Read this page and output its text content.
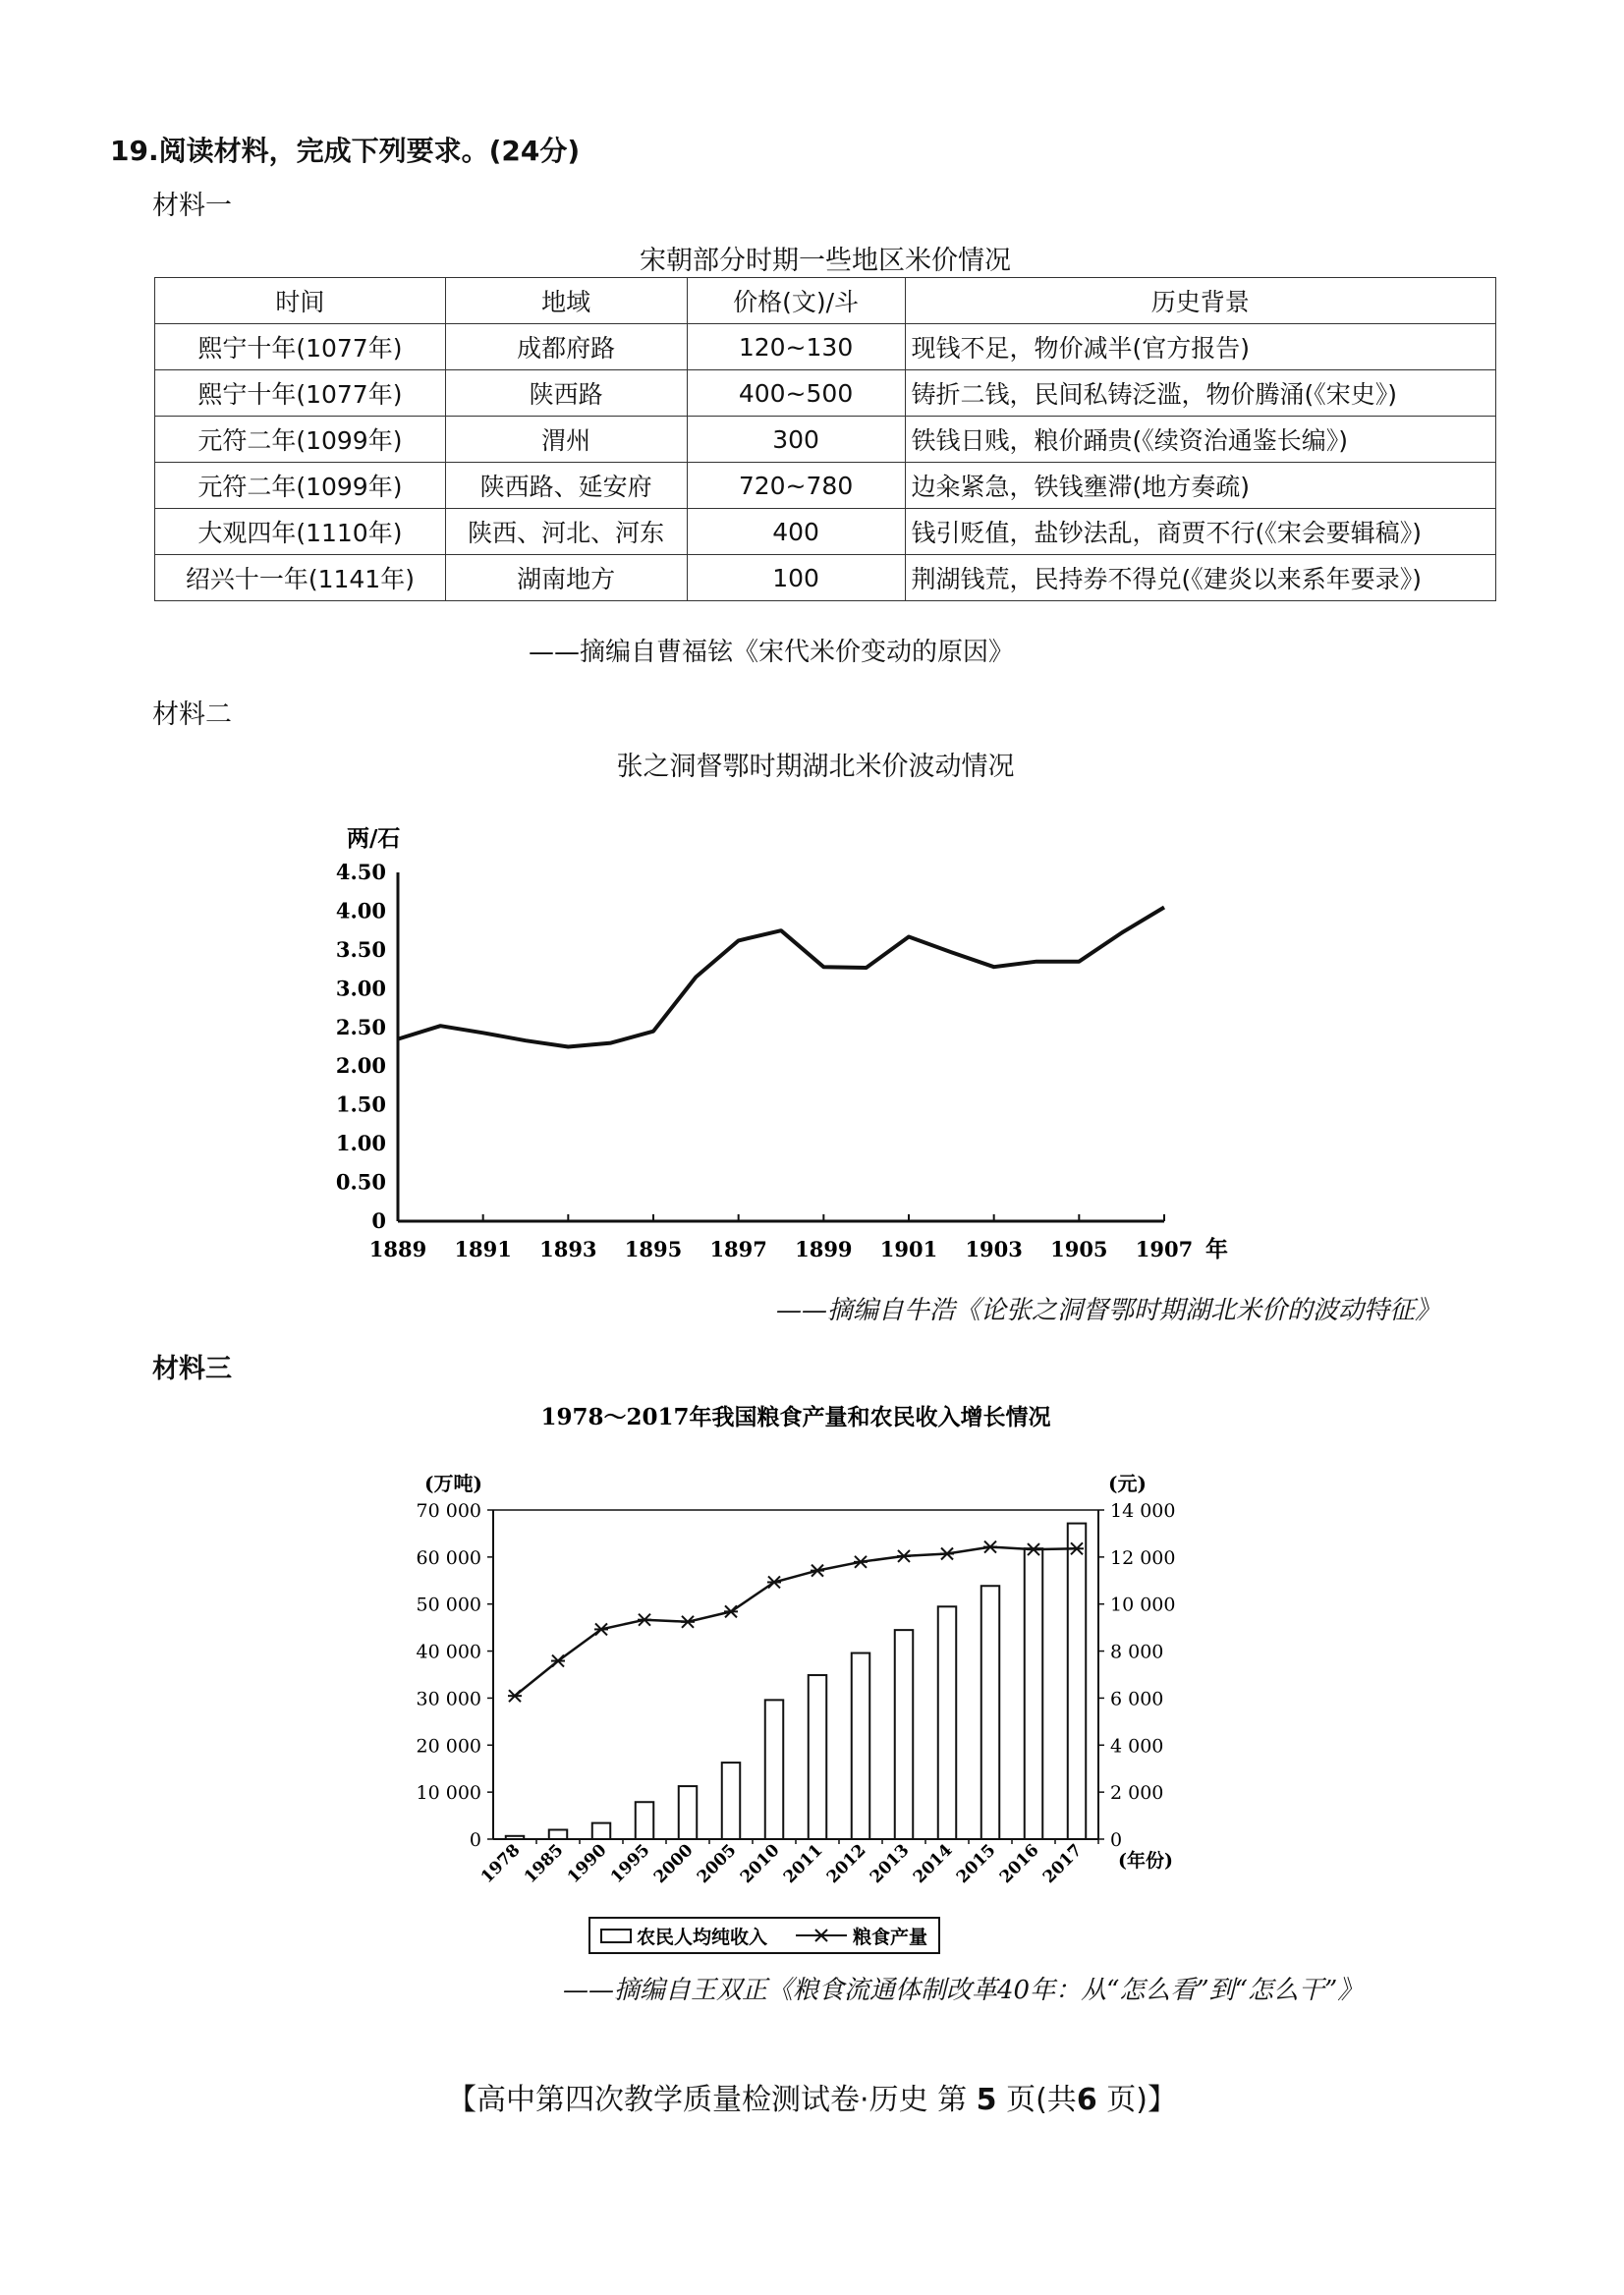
19.阅读材料，完成下列要求。(24分)
材料一
宋朝部分时期一些地区米价情况
时间	地域	价格(文)/斗	历史背景
熙宁十年(1077年)	成都府路	120~130	现钱不足，物价减半(官方报告)
熙宁十年(1077年)	陕西路	400~500	铸折二钱，民间私铸泛滥，物价腾涌(《宋史》)
元符二年(1099年)	渭州	300	铁钱日贱，粮价踊贵(《续资治通鉴长编》)
元符二年(1099年)	陕西路、延安府	720~780	边籴紧急，铁钱壅滞(地方奏疏)
大观四年(1110年)	陕西、河北、河东	400	钱引贬值，盐钞法乱，商贾不行(《宋会要辑稿》)
绍兴十一年(1141年)	湖南地方	100	荆湖钱荒，民持券不得兑(《建炎以来系年要录》)
——摘编自曹福铉《宋代米价变动的原因》
材料二
张之洞督鄂时期湖北米价波动情况
0
0.50
1.00
1.50
2.00
2.50
3.00
3.50
4.00
4.50
1889 1891 1893 1895 1897 1899 1901 1903 1905 1907
两/石
年
——摘编自牛浩《论张之洞督鄂时期湖北米价的波动特征》
材料三
1978～2017年我国粮食产量和农民收入增长情况
0
10 000
20 000
30 000
40 000
50 000
60 000
70 000
0
2 000
4 000
6 000
8 000
10 000
12 000
14 000
(万吨)	(元)
1978
1985
1990
1995
2000
2005
2010
2011
2012
2013
2014
2015
2016
2017 (年份)
农民人均纯收入	粮食产量
——摘编自王双正《粮食流通体制改革40年：从“怎么看”到“怎么干”》
【高中第四次教学质量检测试卷·历史 第 5 页(共6 页)】
